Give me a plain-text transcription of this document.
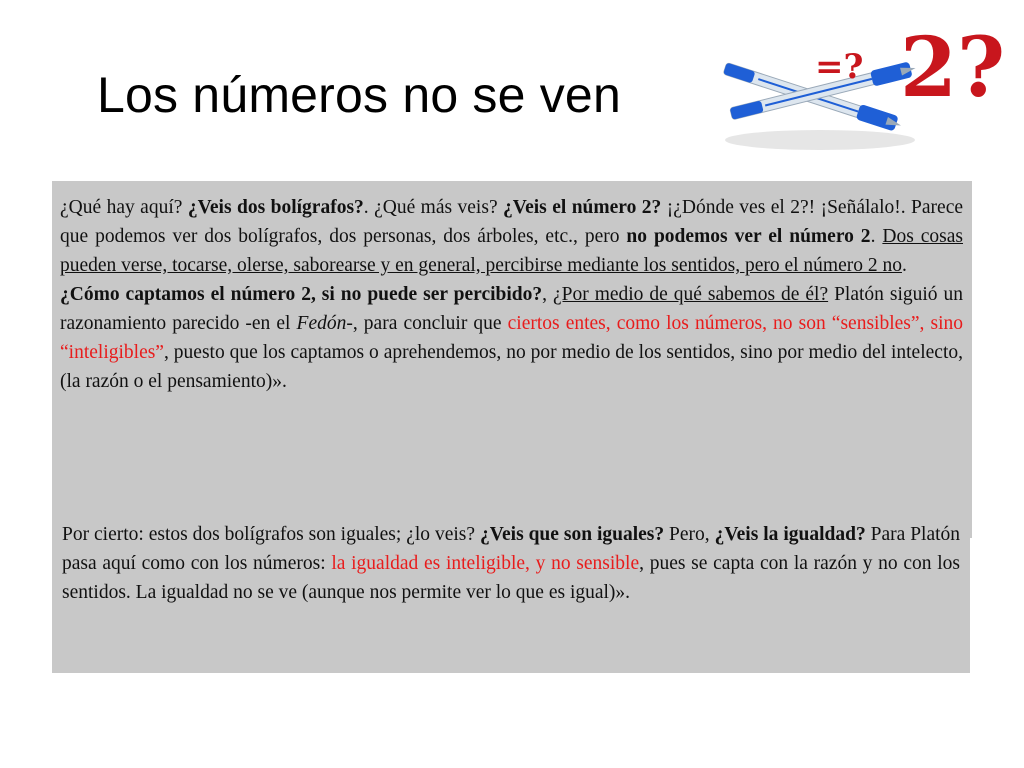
Los números no se ven	=? 2?

¿Qué hay aquí? ¿Veis dos bolígrafos?. ¿Qué más veis? ¿Veis el número 2? ¡¿Dónde ves el 2?! ¡Señálalo!. Parece que podemos ver dos bolígrafos, dos personas, dos árboles, etc., pero no podemos ver el número 2. Dos cosas pueden verse, tocarse, olerse, saborearse y en general, percibirse mediante los sentidos, pero el número 2 no.
¿Cómo captamos el número 2, si no puede ser percibido?, ¿Por medio de qué sabemos de él? Platón siguió un razonamiento parecido -en el Fedón-, para concluir que ciertos entes, como los números, no son “sensibles”, sino “inteligibles”, puesto que los captamos o aprehendemos, no por medio de los sentidos, sino por medio del intelecto, (la razón o el pensamiento)».

Por cierto: estos dos bolígrafos son iguales; ¿lo veis? ¿Veis que son iguales? Pero, ¿Veis la igualdad? Para Platón pasa aquí como con los números: la igualdad es inteligible, y no sensible, pues se capta con la razón y no con los sentidos. La igualdad no se ve (aunque nos permite ver lo que es igual)».
